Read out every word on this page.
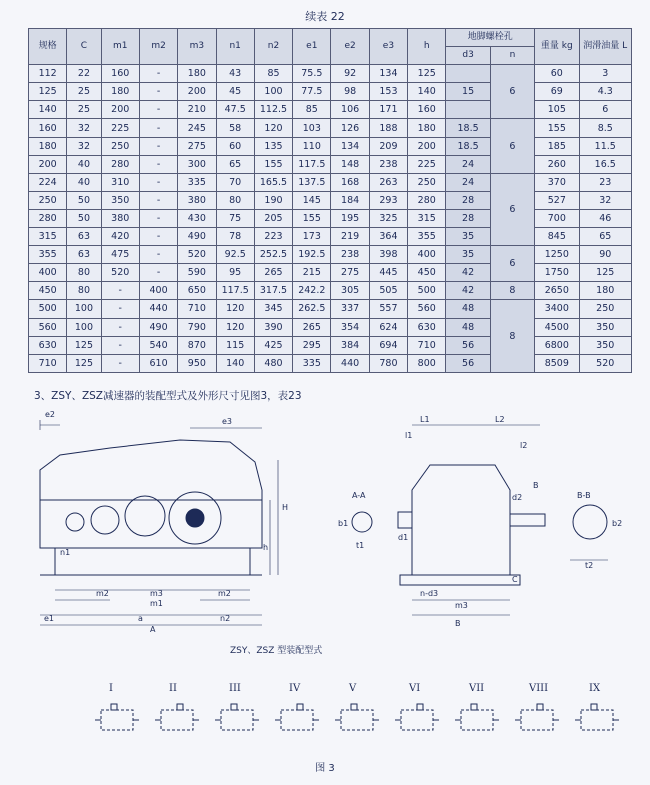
续表 22
规格	C	m1	m2	m3	n1	n2	e1	e2	e3	h	地脚螺栓孔		重量 kg	润滑油量 L
											d3	n		
112	22	160	-	180	43	85	75.5	92	134	125		6	60	3
125	25	180	-	200	45	100	77.5	98	153	140	15		69	4.3
140	25	200	-	210	47.5	112.5	85	106	171	160			105	6
160	32	225	-	245	58	120	103	126	188	180	18.5	6	155	8.5
180	32	250	-	275	60	135	110	134	209	200	18.5		185	11.5
200	40	280	-	300	65	155	117.5	148	238	225	24		260	16.5
224	40	310	-	335	70	165.5	137.5	168	263	250	24	6	370	23
250	50	350	-	380	80	190	145	184	293	280	28		527	32
280	50	380	-	430	75	205	155	195	325	315	28		700	46
315	63	420	-	490	78	223	173	219	364	355	35		845	65
355	63	475	-	520	92.5	252.5	192.5	238	398	400	35	6	1250	90
400	80	520	-	590	95	265	215	275	445	450	42		1750	125
450	80	-	400	650	117.5	317.5	242.2	305	505	500	42	8	2650	180
500	100	-	440	710	120	345	262.5	337	557	560	48	8	3400	250
560	100	-	490	790	120	390	265	354	624	630	48		4500	350
630	125	-	540	870	115	425	295	384	694	710	56		6800	350
710	125	-	610	950	140	480	335	440	780	800	56		8509	520
3、ZSY、ZSZ减速器的装配型式及外形尺寸见图3，表23
e2
e3
H
h
n1
m2	m3
m1
m2
e1	a	n2
A
A-A
b1
t1
d1
L1	L2
l1
l2
d2
B
B-B
b2
t2
C
n-d3
m3
B
ZSY、ZSZ 型装配型式
I	II	III	IV	V	VI	VII	VIII	IX
图 3
